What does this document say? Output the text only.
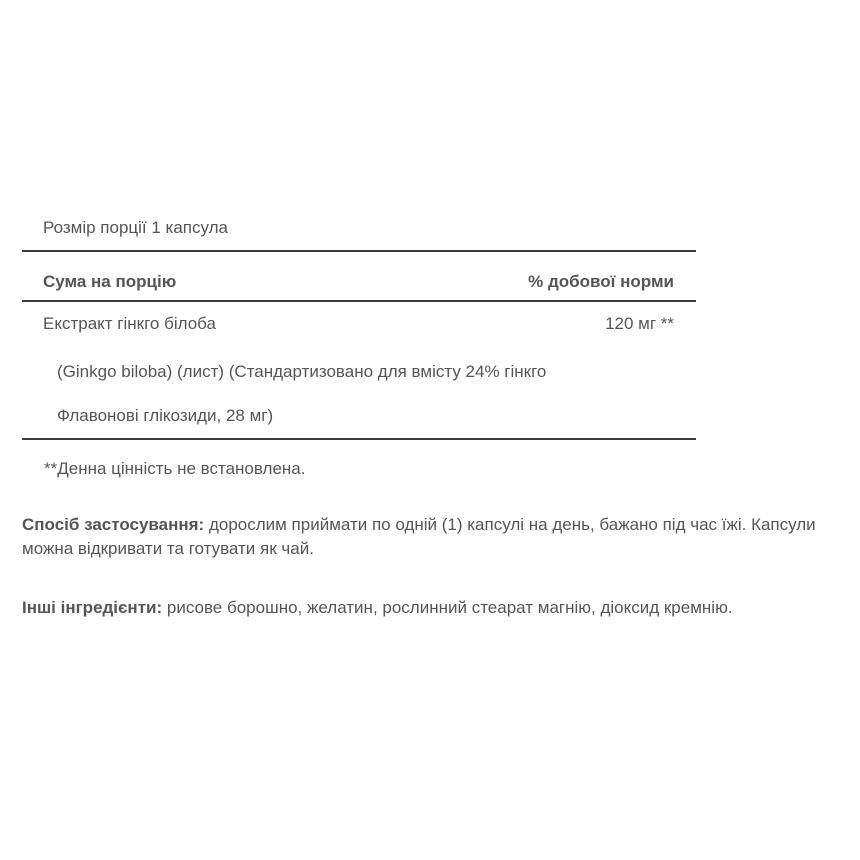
Розмір порції 1 капсула
Сума на порцію	% добової норми
Екстракт гінкго білоба	120 мг **
(Ginkgo biloba) (лист) (Стандартизовано для вмісту 24% гінкго
Флавонові глікозиди, 28 мг)
**Денна цінність не встановлена.
Спосіб застосування: дорослим приймати по одній (1) капсулі на день, бажано під час їжі. Капсули можна відкривати та готувати як чай.
Інші інгредієнти: рисове борошно, желатин, рослинний стеарат магнію, діоксид кремнію.
